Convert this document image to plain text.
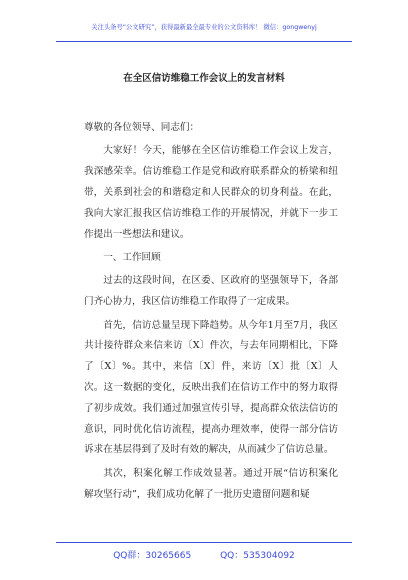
关注头条号“公文研究”，获得最新最全最专业的公文资料库！ 微信：gongwenyj
在全区信访维稳工作会议上的发言材料

尊敬的各位领导、同志们：

大家好！今天，能够在全区信访维稳工作会议上发言，我深感荣幸。信访维稳工作是党和政府联系群众的桥梁和纽带，关系到社会的和谐稳定和人民群众的切身利益。在此，我向大家汇报我区信访维稳工作的开展情况，并就下一步工作提出一些想法和建议。

一、工作回顾

过去的这段时间，在区委、区政府的坚强领导下，各部门齐心协力，我区信访维稳工作取得了一定成果。

首先，信访总量呈现下降趋势。从今年1月至7月，我区共计接待群众来信来访〔X〕件次，与去年同期相比，下降了〔X〕%。其中，来信〔X〕件，来访〔X〕批〔X〕人次。这一数据的变化，反映出我们在信访工作中的努力取得了初步成效。我们通过加强宣传引导，提高群众依法信访的意识，同时优化信访流程，提高办理效率，使得一部分信访诉求在基层得到了及时有效的解决，从而减少了信访总量。

其次，积案化解工作成效显著。通过开展“信访积案化解攻坚行动”，我们成功化解了一批历史遗留问题和疑

QQ群：30265665	QQ：535304092
